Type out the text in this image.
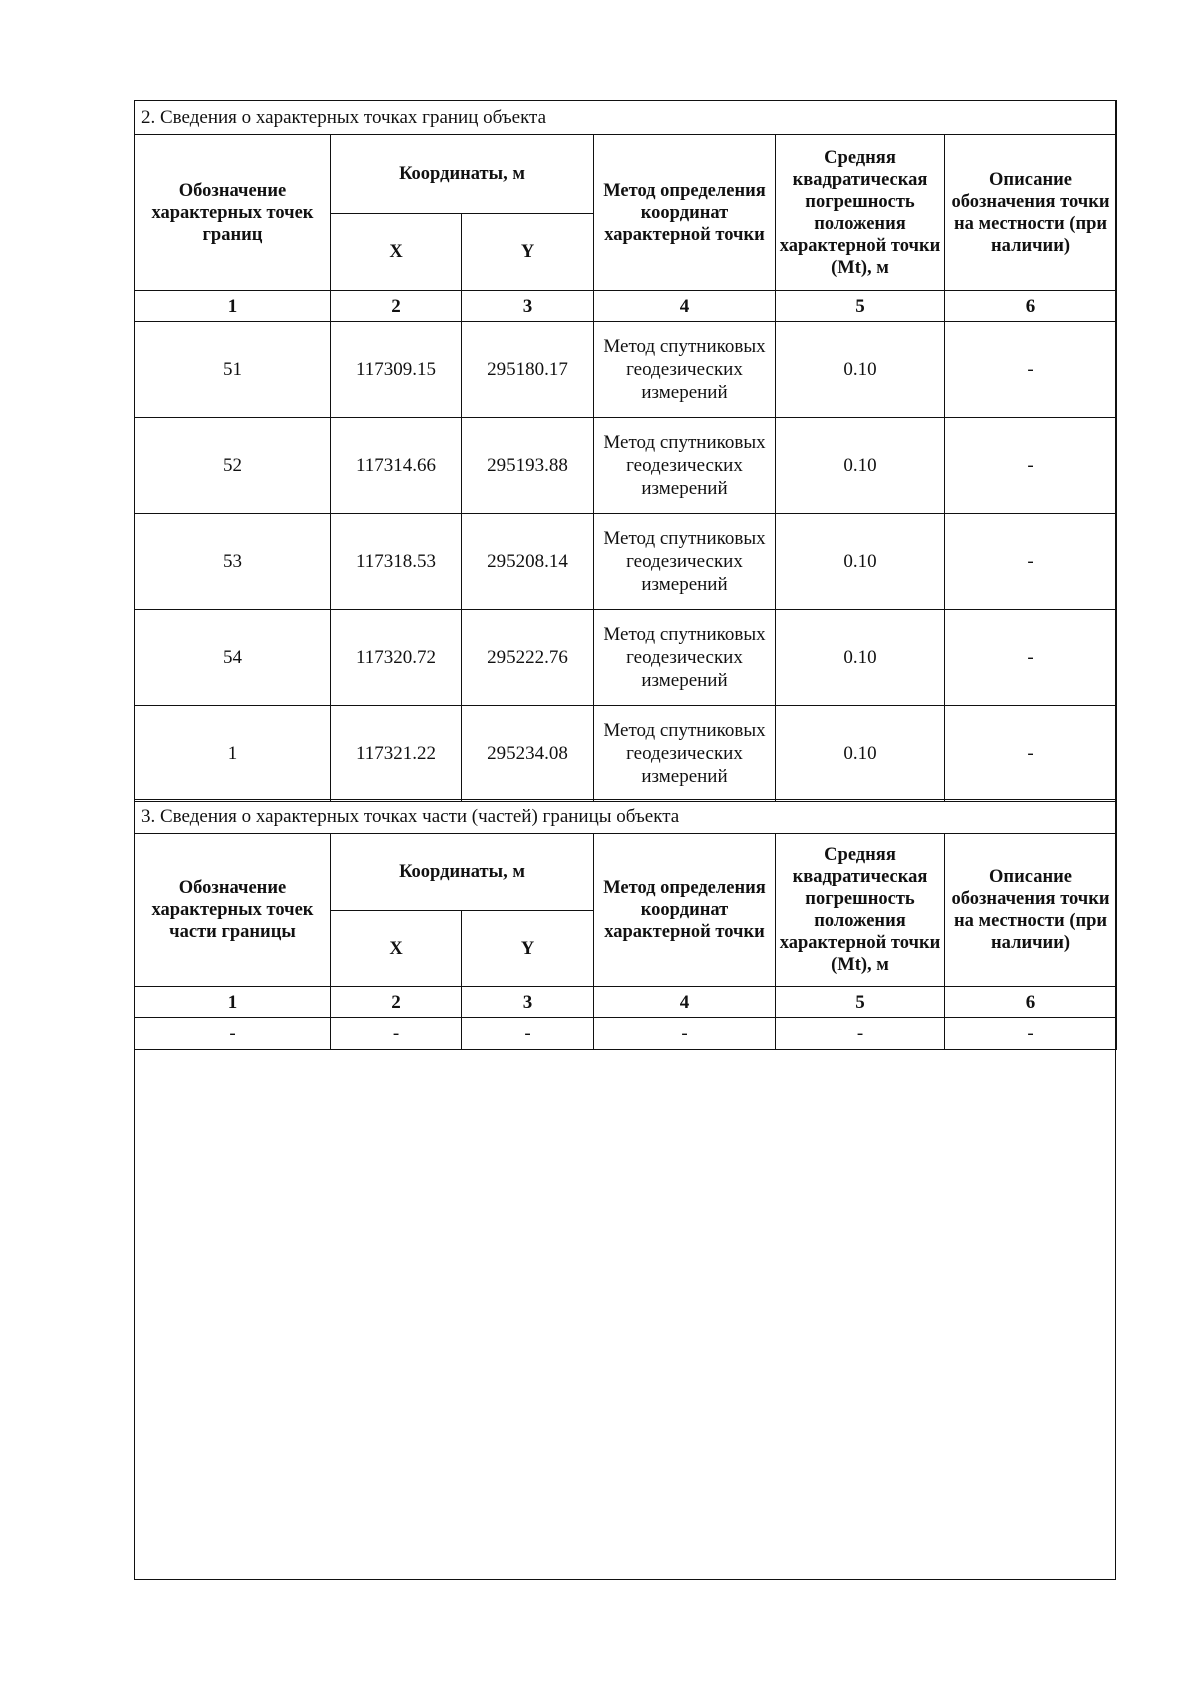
2. Сведения о характерных точках границ объекта					
Обозначение характерных точек границ	Координаты, м		Метод определения координат характерной точки	Средняя квадратическая погрешность положения характерной точки (Mt), м	Описание обозначения точки на местности (при наличии)
	X	Y			
1	2	3	4	5	6
51	117309.15	295180.17	Метод спутниковых геодезических измерений	0.10	-
52	117314.66	295193.88	Метод спутниковых геодезических измерений	0.10	-
53	117318.53	295208.14	Метод спутниковых геодезических измерений	0.10	-
54	117320.72	295222.76	Метод спутниковых геодезических измерений	0.10	-
1	117321.22	295234.08	Метод спутниковых геодезических измерений	0.10	-
3. Сведения о характерных точках части (частей) границы объекта					
Обозначение характерных точек части границы	Координаты, м		Метод определения координат характерной точки	Средняя квадратическая погрешность положения характерной точки (Mt), м	Описание обозначения точки на местности (при наличии)
	X	Y			
1	2	3	4	5	6
-	-	-	-	-	-
